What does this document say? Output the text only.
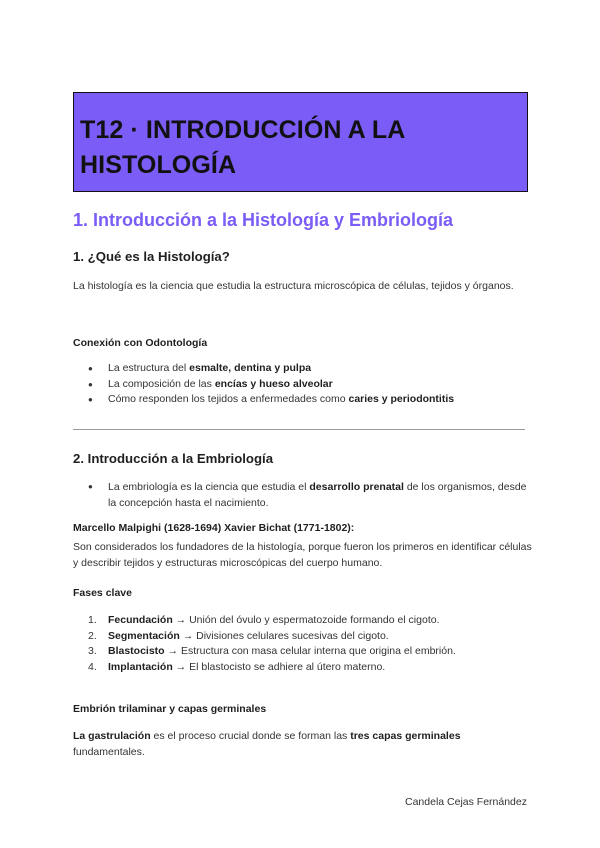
T12 · INTRODUCCIÓN A LA HISTOLOGÍA
1. Introducción a la Histología y Embriología
1. ¿Qué es la Histología?
La histología es la ciencia que estudia la estructura microscópica de células, tejidos y órganos.
Conexión con Odontología
● La estructura del esmalte, dentina y pulpa
● La composición de las encías y hueso alveolar
● Cómo responden los tejidos a enfermedades como caries y periodontitis
2. Introducción a la Embriología
● La embriología es la ciencia que estudia el desarrollo prenatal de los organismos, desde la concepción hasta el nacimiento.
Marcello Malpighi (1628-1694) Xavier Bichat (1771-1802):
Son considerados los fundadores de la histología, porque fueron los primeros en identificar células y describir tejidos y estructuras microscópicas del cuerpo humano.
Fases clave
1. Fecundación → Unión del óvulo y espermatozoide formando el cigoto.
2. Segmentación → Divisiones celulares sucesivas del cigoto.
3. Blastocisto → Estructura con masa celular interna que origina el embrión.
4. Implantación → El blastocisto se adhiere al útero materno.
Embrión trilaminar y capas germinales
La gastrulación es el proceso crucial donde se forman las tres capas germinales fundamentales.
Candela Cejas Fernández
